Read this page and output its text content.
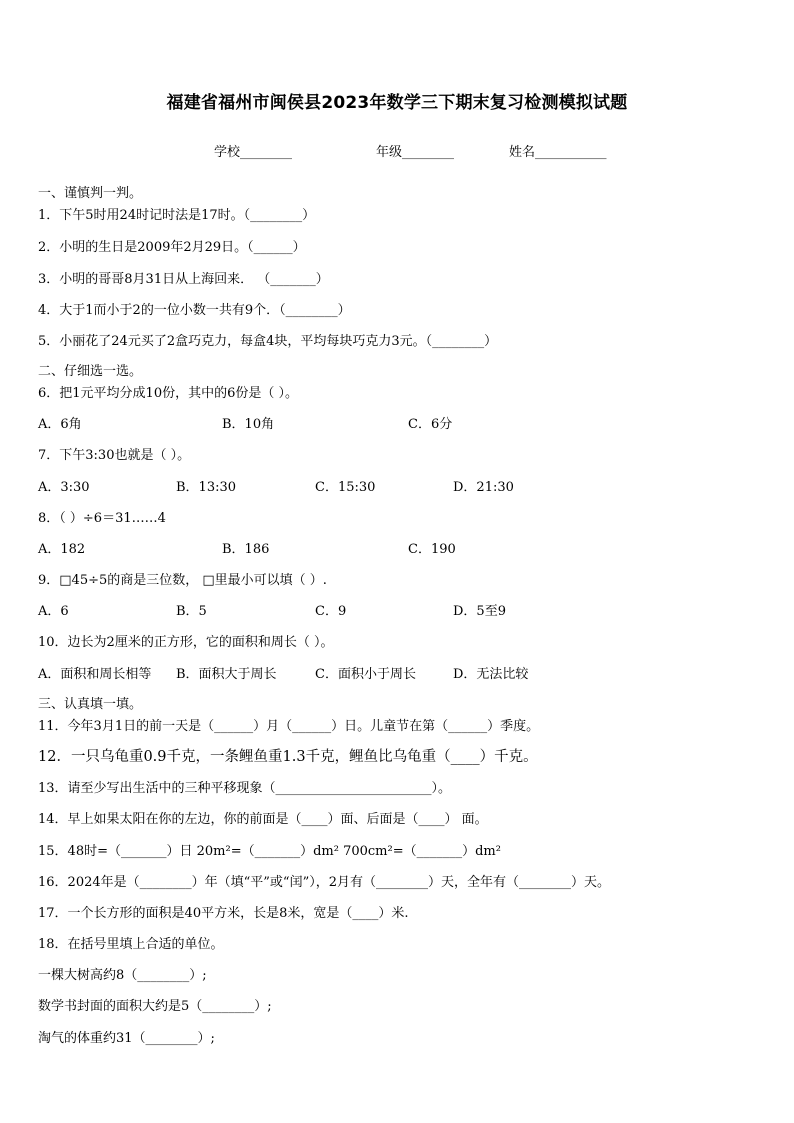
福建省福州市闽侯县2023年数学三下期末复习检测模拟试题
学校________	年级________	姓名___________
一、谨慎判一判。
1．下午5时用24时记时法是17时。（________）
2．小明的生日是2009年2月29日。（______）
3．小明的哥哥8月31日从上海回来． （_______）
4．大于1而小于2的一位小数一共有9个．（________）
5．小丽花了24元买了2盒巧克力，每盒4块，平均每块巧克力3元。（________）
二、仔细选一选。
6．把1元平均分成10份，其中的6份是（ ）。
A．6角	B．10角	C．6分
7．下午3:30也就是（ ）。
A．3:30	B．13:30	C．15:30	D．21:30
8．（ ）÷6＝31……4
A．182	B．186	C．190
9．□45÷5的商是三位数， □里最小可以填（ ）.
A．6	B．5	C．9	D．5至9
10．边长为2厘米的正方形，它的面积和周长（ ）。
A．面积和周长相等 B．面积大于周长	C．面积小于周长	D．无法比较
三、认真填一填。
11．今年3月1日的前一天是（______）月（______）日。儿童节在第（______）季度。
12．一只乌龟重0.9千克，一条鲤鱼重1.3千克，鲤鱼比乌龟重（____）千克。
13．请至少写出生活中的三种平移现象（________________________）。
14．早上如果太阳在你的左边，你的前面是（____）面、后面是（____） 面。
15．48时=（_______）日 20m²=（_______）dm² 700cm²=（_______）dm²
16．2024年是（________）年（填“平”或“闰”），2月有（________）天，全年有（________）天。
17．一个长方形的面积是40平方米，长是8米，宽是（____）米.
18．在括号里填上合适的单位。
一棵大树高约8（________）;
数学书封面的面积大约是5（________）;
淘气的体重约31（________）;
